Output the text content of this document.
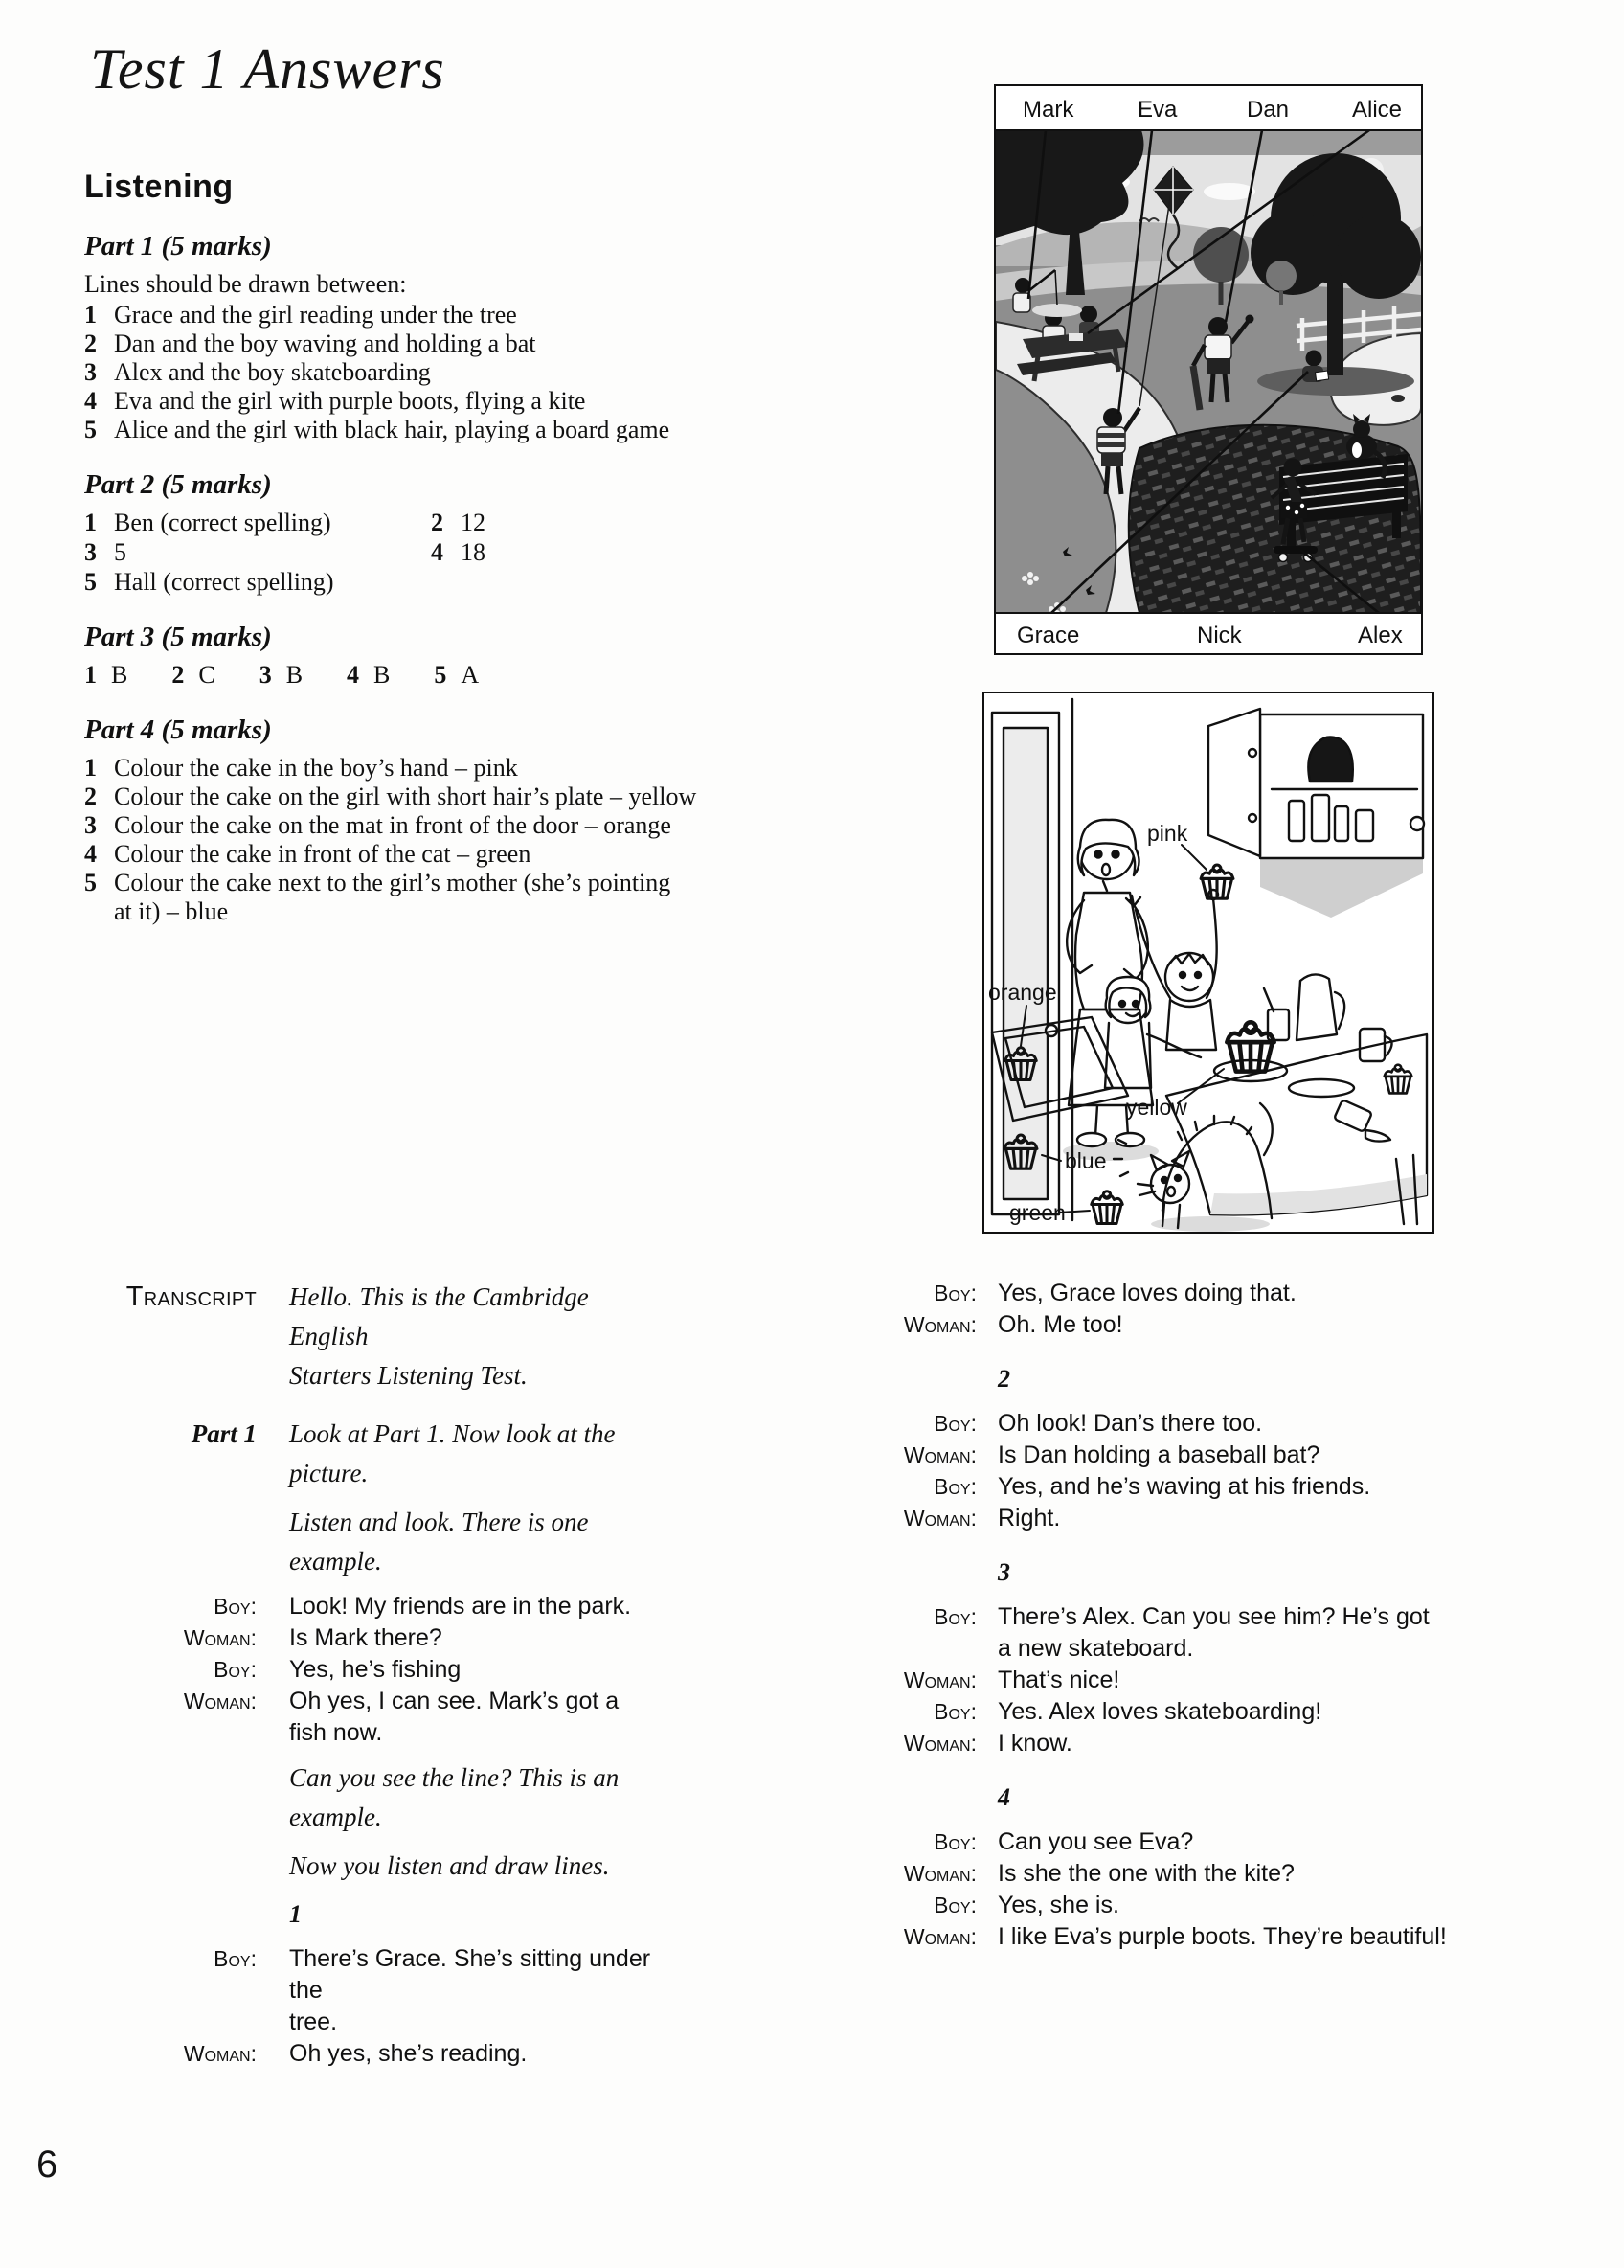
Test 1 Answers
Listening
Part 1 (5 marks)

Lines should be drawn between:

1 Grace and the girl reading under the tree
2 Dan and the boy waving and holding a bat
3 Alex and the boy skateboarding
4 Eva and the girl with purple boots, flying a kite
5 Alice and the girl with black hair, playing a board game
Part 2 (5 marks)
1 Ben (correct spelling)	2 12
3 5	4 18
5 Hall (correct spelling)
Part 3 (5 marks)
1 B 2 C 3 B 4 B 5 A
Part 4 (5 marks)
1 Colour the cake in the boy’s hand – pink
2 Colour the cake on the girl with short hair’s plate – yellow
3 Colour the cake on the mat in front of the door – orange
4 Colour the cake in front of the cat – green
5 Colour the cake next to the girl’s mother (she’s pointing
at it) – blue
Mark	Eva	Dan	Alice
Grace	Nick	Alex
pink
orange
yellow
blue
green
Transcript Hello. This is the Cambridge English
Starters Listening Test.
Part 1 Look at Part 1. Now look at the
picture.
Listen and look. There is one example.
Boy: Look! My friends are in the park.
Woman: Is Mark there?
Boy: Yes, he’s fishing
Woman: Oh yes, I can see. Mark’s got a fish now.
Can you see the line? This is an
example.
Now you listen and draw lines.
1
Boy: There’s Grace. She’s sitting under the
tree.
Woman: Oh yes, she’s reading.
Boy: Yes, Grace loves doing that.
Woman: Oh. Me too!
2
Boy: Oh look! Dan’s there too.
Woman: Is Dan holding a baseball bat?
Boy: Yes, and he’s waving at his friends.
Woman: Right.
3
Boy: There’s Alex. Can you see him? He’s got
a new skateboard.
Woman: That’s nice!
Boy: Yes. Alex loves skateboarding!
Woman: I know.
4
Boy: Can you see Eva?
Woman: Is she the one with the kite?
Boy: Yes, she is.
Woman: I like Eva’s purple boots. They’re beautiful!
6
